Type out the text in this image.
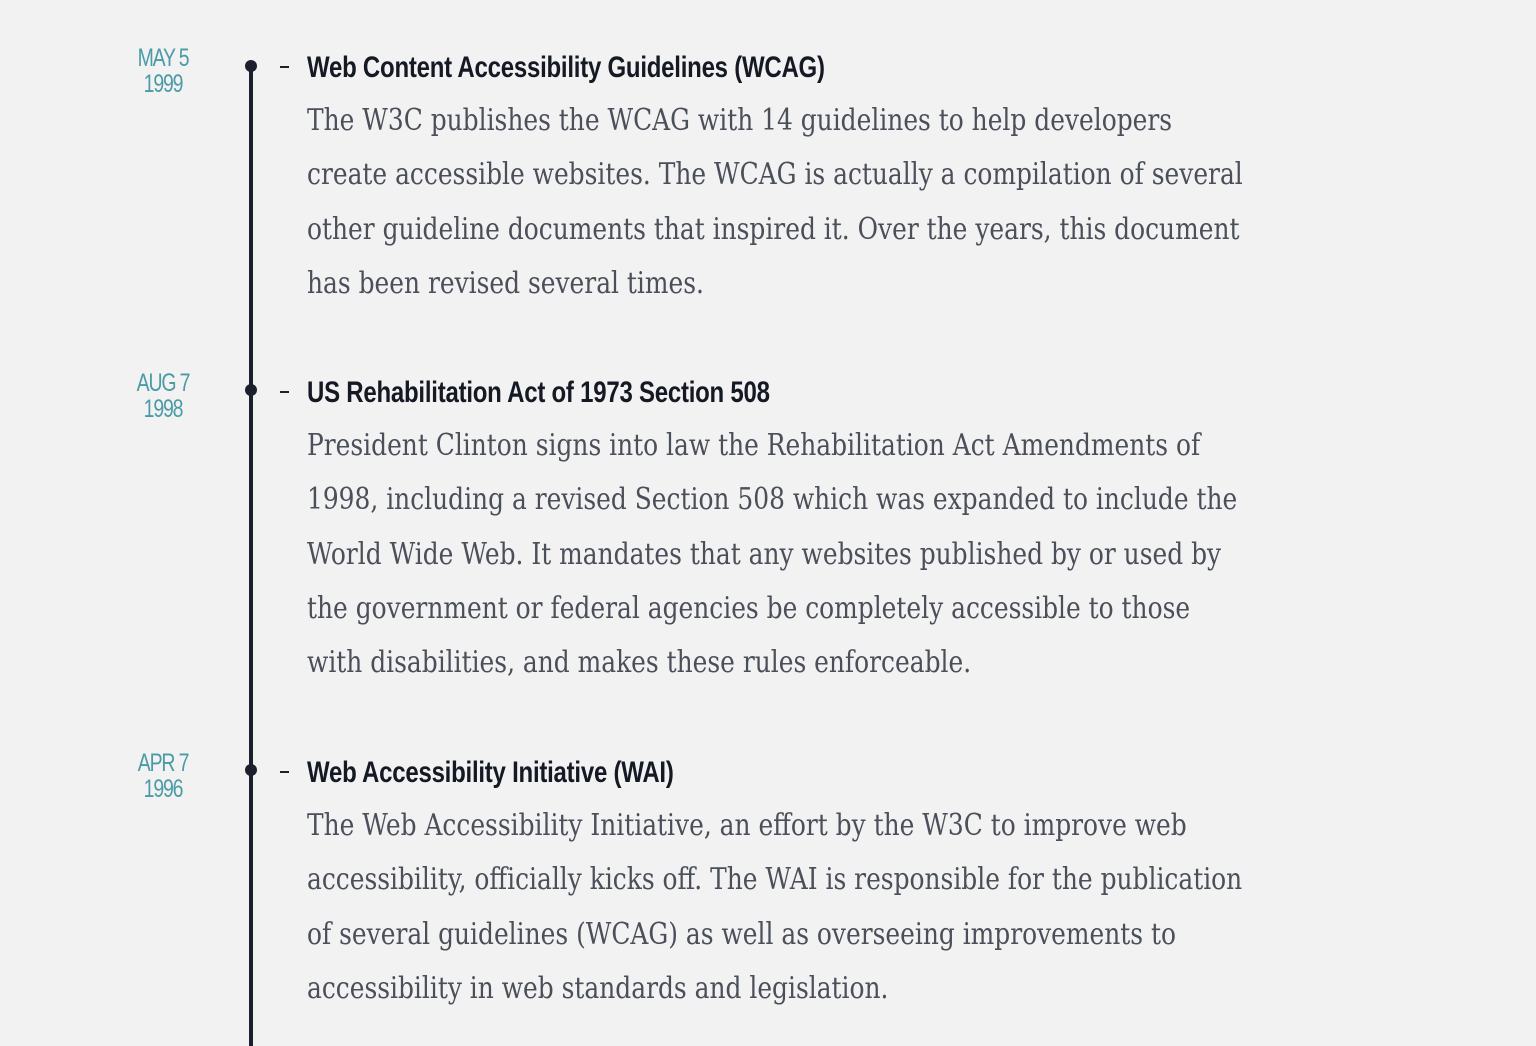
MAY 5
1999	Web Content Accessibility Guidelines (WCAG)

The W3C publishes the WCAG with 14 guidelines to help developers
create accessible websites. The WCAG is actually a compilation of several
other guideline documents that inspired it. Over the years, this document
has been revised several times.

AUG 7
1998	US Rehabilitation Act of 1973 Section 508

President Clinton signs into law the Rehabilitation Act Amendments of
1998, including a revised Section 508 which was expanded to include the
World Wide Web. It mandates that any websites published by or used by
the government or federal agencies be completely accessible to those
with disabilities, and makes these rules enforceable.

APR 7
1996	Web Accessibility Initiative (WAI)

The Web Accessibility Initiative, an effort by the W3C to improve web
accessibility, officially kicks off. The WAI is responsible for the publication
of several guidelines (WCAG) as well as overseeing improvements to
accessibility in web standards and legislation.
